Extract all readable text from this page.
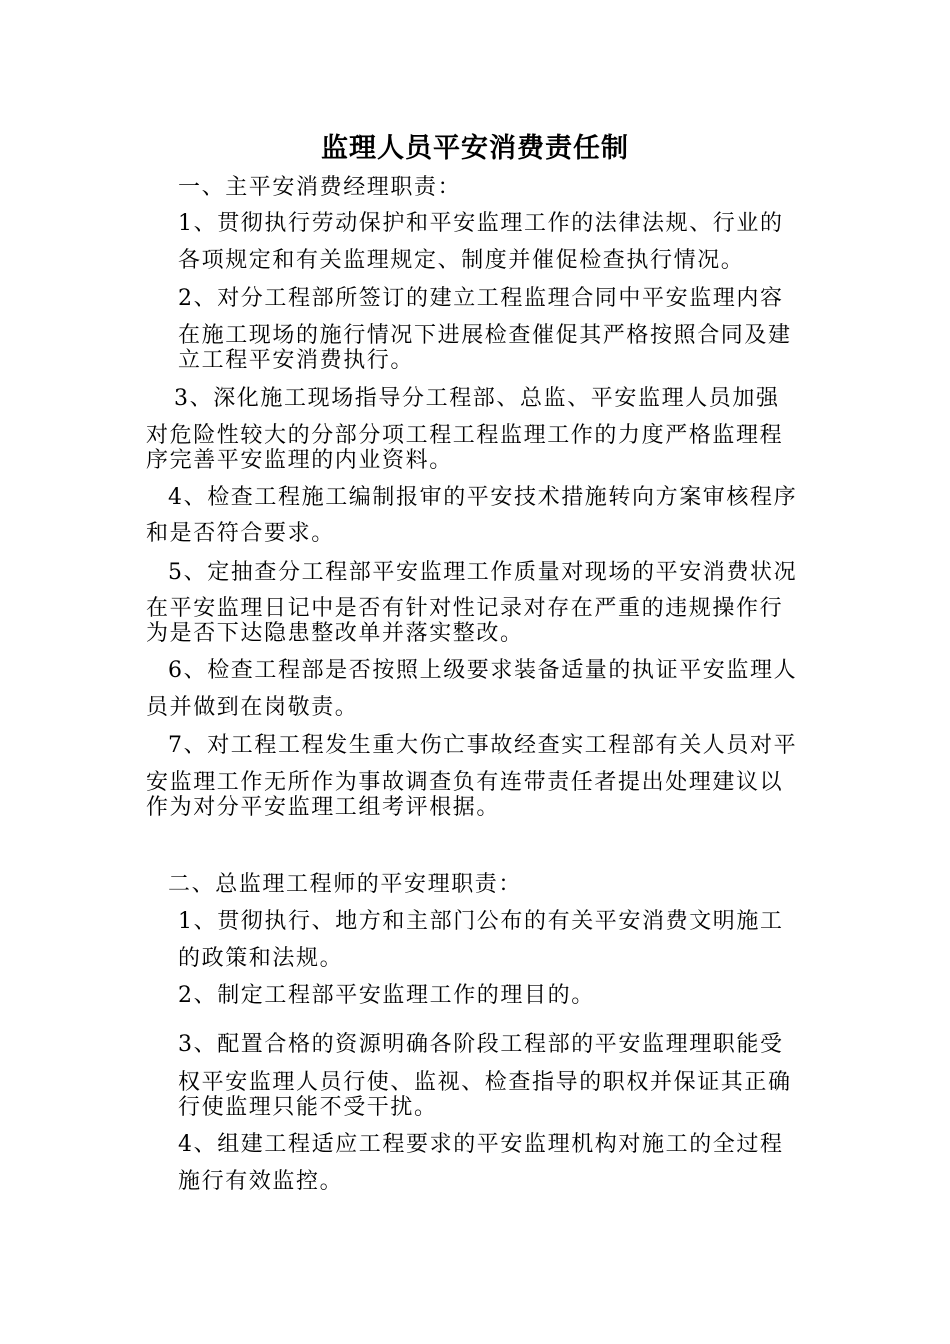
监理人员平安消费责任制
一、主平安消费经理职责：
1、贯彻执行劳动保护和平安监理工作的法律法规、行业的
各项规定和有关监理规定、制度并催促检查执行情况。
2、对分工程部所签订的建立工程监理合同中平安监理内容
在施工现场的施行情况下进展检查催促其严格按照合同及建
立工程平安消费执行。
3、深化施工现场指导分工程部、总监、平安监理人员加强
对危险性较大的分部分项工程工程监理工作的力度严格监理程
序完善平安监理的内业资料。
4、检查工程施工编制报审的平安技术措施转向方案审核程序
和是否符合要求。
5、定抽查分工程部平安监理工作质量对现场的平安消费状况
在平安监理日记中是否有针对性记录对存在严重的违规操作行
为是否下达隐患整改单并落实整改。
6、检查工程部是否按照上级要求装备适量的执证平安监理人
员并做到在岗敬责。
7、对工程工程发生重大伤亡事故经查实工程部有关人员对平
安监理工作无所作为事故调查负有连带责任者提出处理建议以
作为对分平安监理工组考评根据。
二、总监理工程师的平安理职责：
1、贯彻执行、地方和主部门公布的有关平安消费文明施工
的政策和法规。
2、制定工程部平安监理工作的理目的。
3、配置合格的资源明确各阶段工程部的平安监理理职能受
权平安监理人员行使、监视、检查指导的职权并保证其正确
行使监理只能不受干扰。
4、组建工程适应工程要求的平安监理机构对施工的全过程
施行有效监控。
